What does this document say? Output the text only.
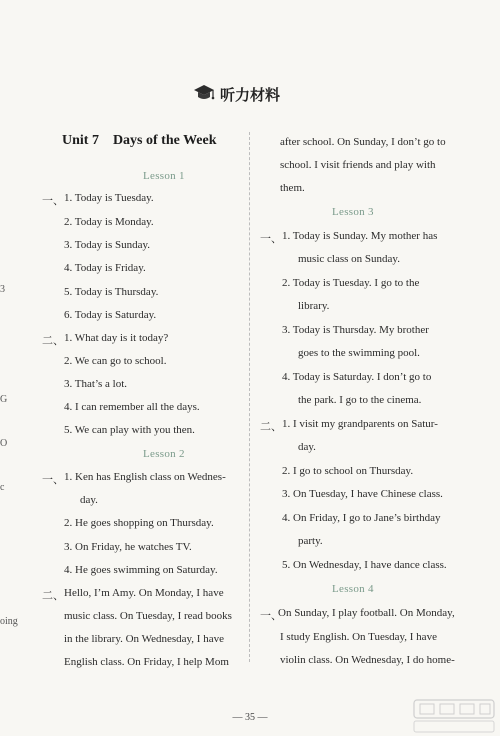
听力材料
Unit 7    Days of the Week
Lesson 1
一、 1. Today is Tuesday.
2. Today is Monday.
3. Today is Sunday.
4. Today is Friday.
5. Today is Thursday.
6. Today is Saturday.
二、 1. What day is it today?
2. We can go to school.
3. That’s a lot.
4. I can remember all the days.
5. We can play with you then.
Lesson 2
一、 1. Ken has English class on Wednes-
day.
2. He goes shopping on Thursday.
3. On Friday, he watches TV.
4. He goes swimming on Saturday.
二、 Hello, I’m Amy. On Monday, I have
music class. On Tuesday, I read books
in the library. On Wednesday, I have
English class. On Friday, I help Mom
after school. On Sunday, I don’t go to
school. I visit friends and play with
them.
Lesson 3
一、 1. Today is Sunday. My mother has
music class on Sunday.
2. Today is Tuesday. I go to the
library.
3. Today is Thursday. My brother
goes to the swimming pool.
4. Today is Saturday. I don’t go to
the park. I go to the cinema.
二、 1. I visit my grandparents on Satur-
day.
2. I go to school on Thursday.
3. On Tuesday, I have Chinese class.
4. On Friday, I go to Jane’s birthday
party.
5. On Wednesday, I have dance class.
Lesson 4
一、
On Sunday, I play football. On Monday,
I study English. On Tuesday, I have
violin class. On Wednesday, I do home-
3
G
O
c
oing
— 35 —
